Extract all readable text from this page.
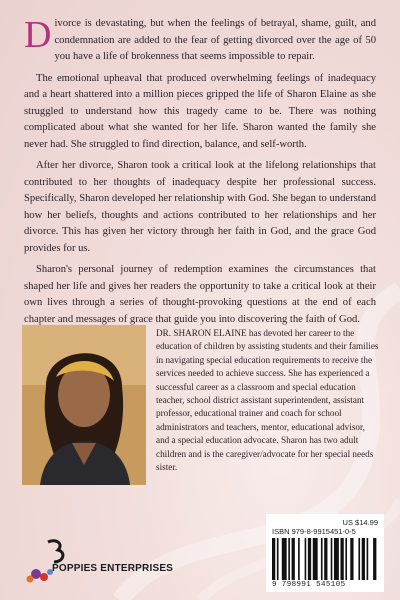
Divorce is devastating, but when the feelings of betrayal, shame, guilt, and condemnation are added to the fear of getting divorced over the age of 50 you have a life of brokenness that seems impossible to repair.

The emotional upheaval that produced overwhelming feelings of inadequacy and a heart shattered into a million pieces gripped the life of Sharon Elaine as she struggled to understand how this tragedy came to be. There was nothing complicated about what she wanted for her life. Sharon wanted the family she never had. She struggled to find direction, balance, and self-worth.

After her divorce, Sharon took a critical look at the lifelong relationships that contributed to her thoughts of inadequacy despite her professional success. Specifically, Sharon developed her relationship with God. She began to understand how her beliefs, thoughts and actions contributed to her relationships and her divorce. This has given her victory through her faith in God, and the grace God provides for us.

Sharon's personal journey of redemption examines the circumstances that shaped her life and gives her readers the opportunity to take a critical look at their own lives through a series of thought-provoking questions at the end of each chapter and messages of grace that guide you into discovering the faith of God.

DR. SHARON ELAINE has devoted her career to the education of children by assisting students and their families in navigating special education requirements to receive the services needed to achieve success. She has experienced a successful career as a classroom and special education teacher, school district assistant superintendent, assistant professor, educational trainer and coach for school administrators and teachers, mentor, educational advisor, and a special education advocate. Sharon has two adult children and is the caregiver/advocate for her special needs sister.
POPPIES ENTERPRISES
US $14.99
ISBN 979-8-9915451-0-5
9 798991 545105
